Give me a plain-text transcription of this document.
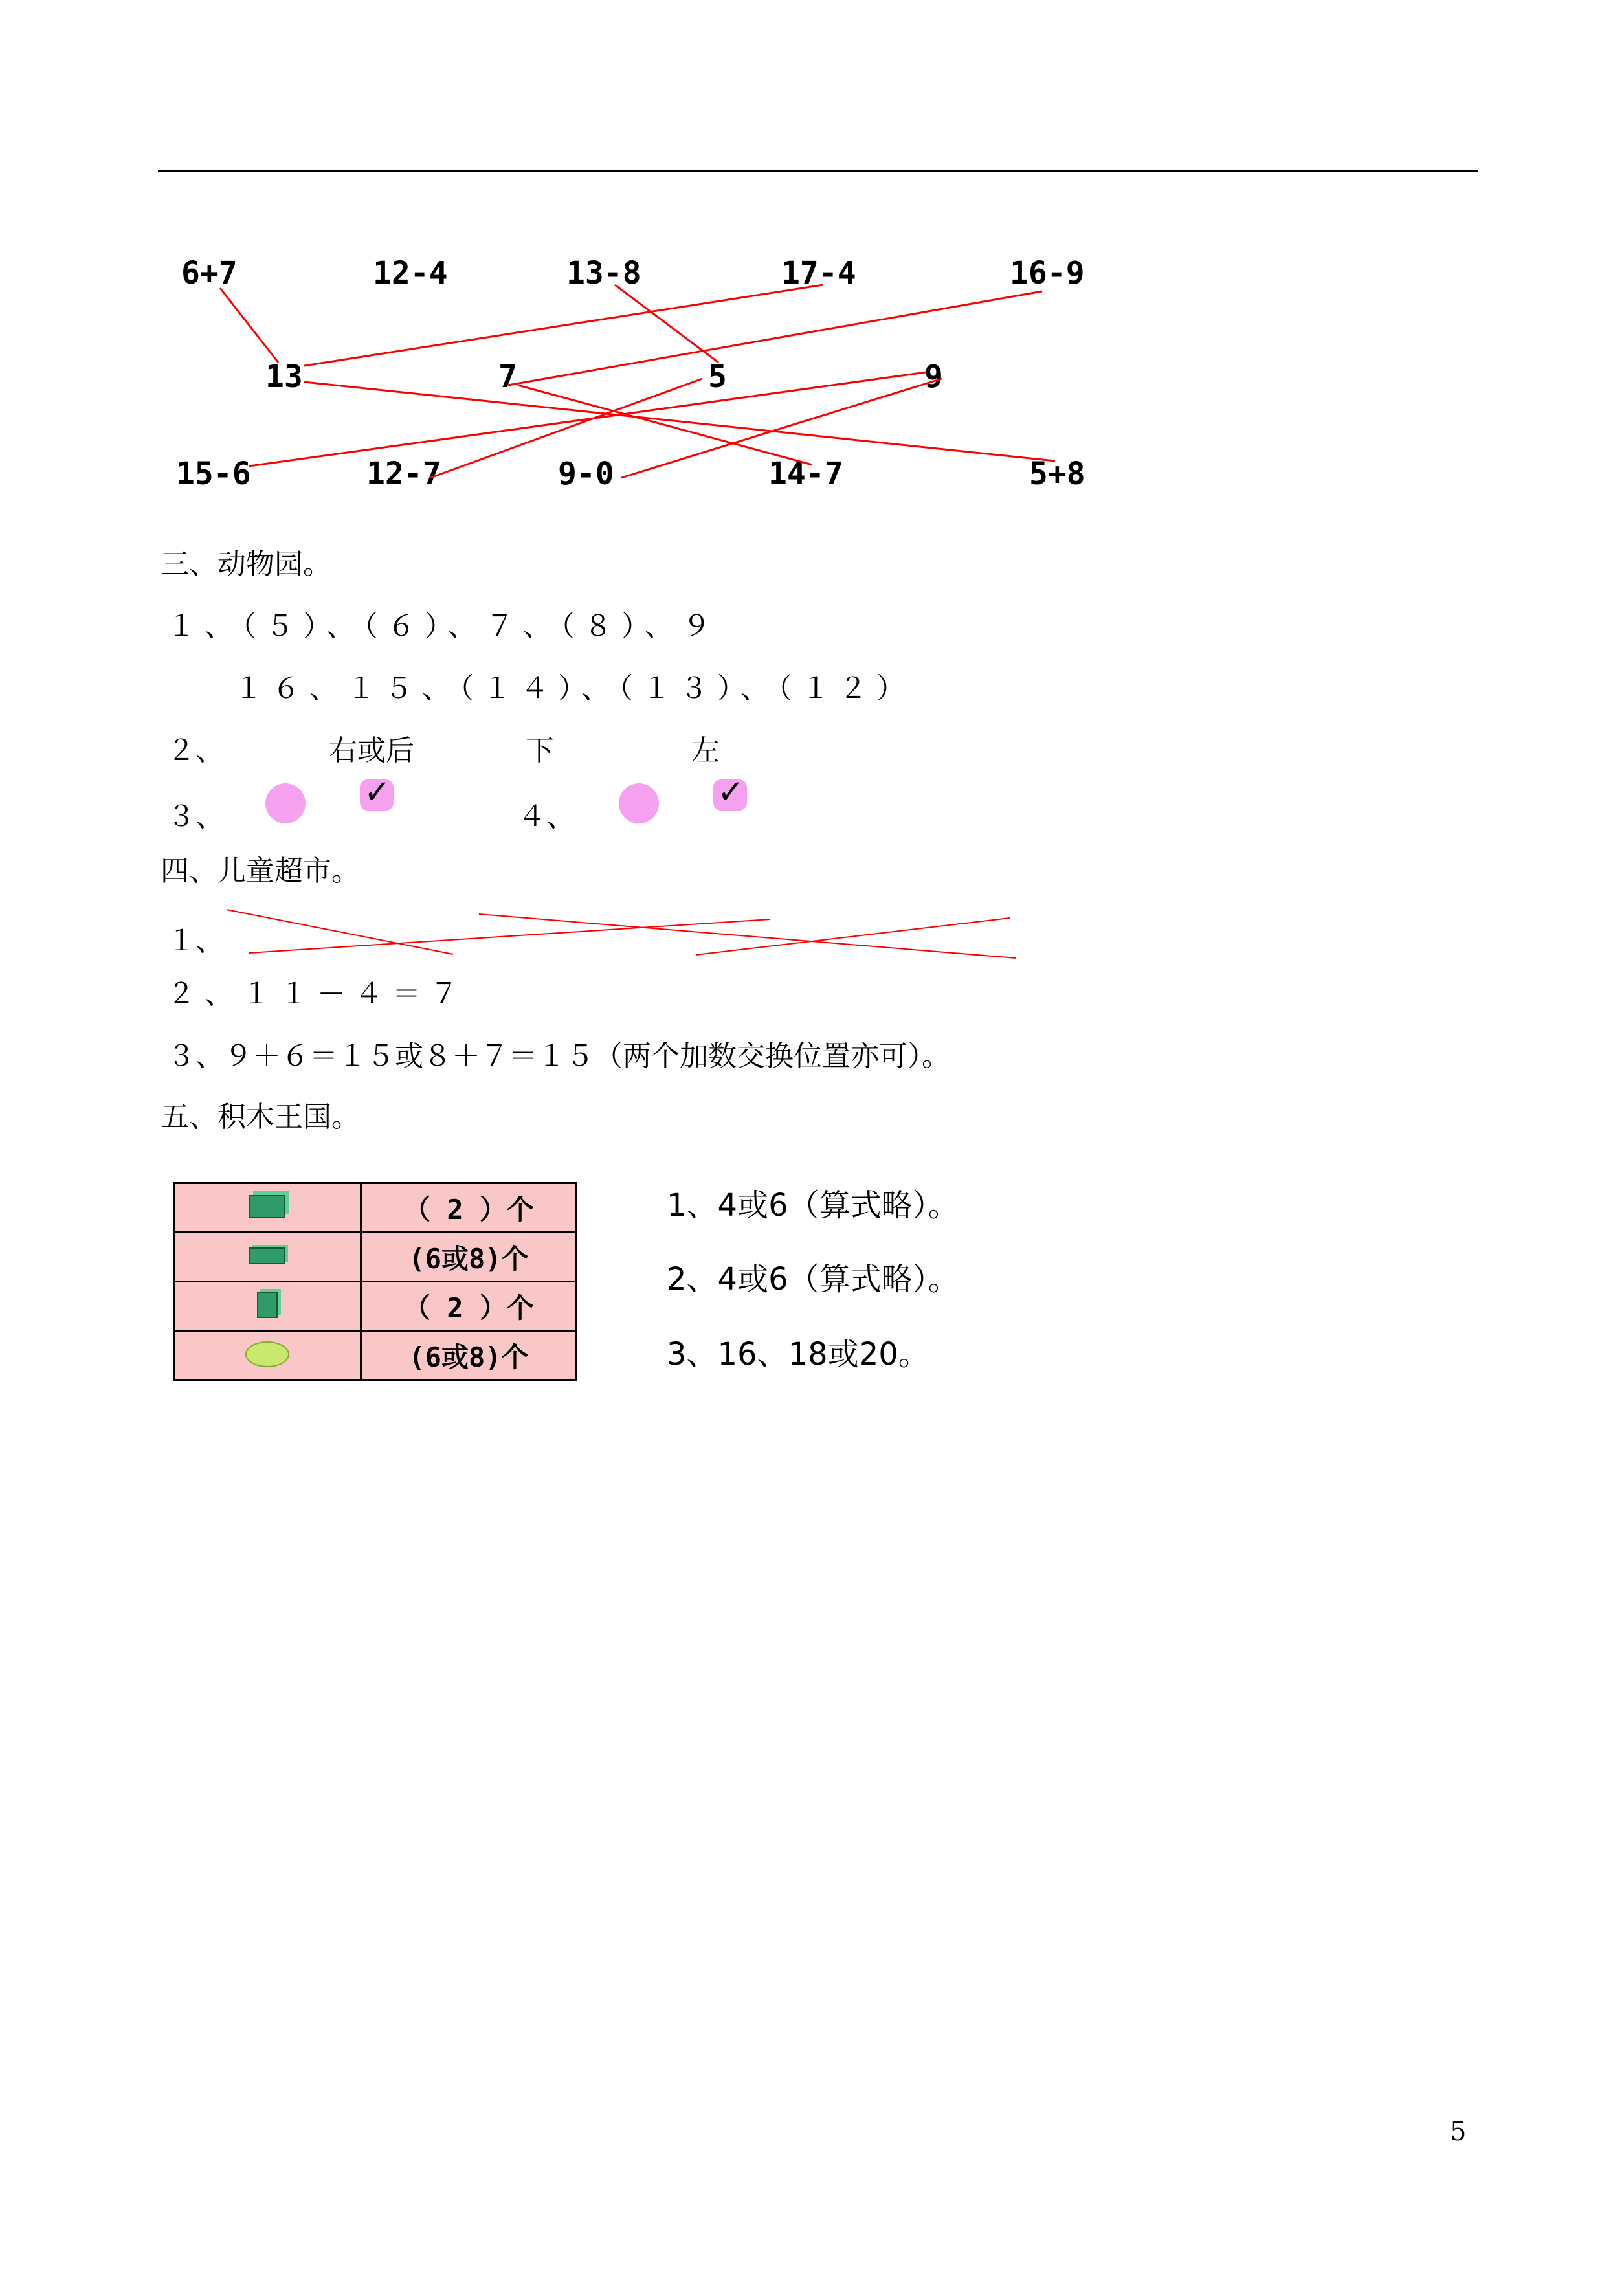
6+7	12-4	13-8	17-4	16-9
13	7	5	9
15-6	12-7	9-0	14-7	5+8
三、动物园。
１、（５）、（６）、７、（８）、９
１６、１５、（１４）、（１３）、（１２）
２、	右或后	下	左
３、
✓
４、
✓
四、儿童超市。
１、
２、１１－４＝７
３、９＋６＝１５或８＋７＝１５（两个加数交换位置亦可）。
五、积木王国。
	（ 2 ）个
	(6或8)个
	（ 2 ）个
	(6或8)个
1、4或6（算式略）。
2、4或6（算式略）。
3、16、18或20。
5
